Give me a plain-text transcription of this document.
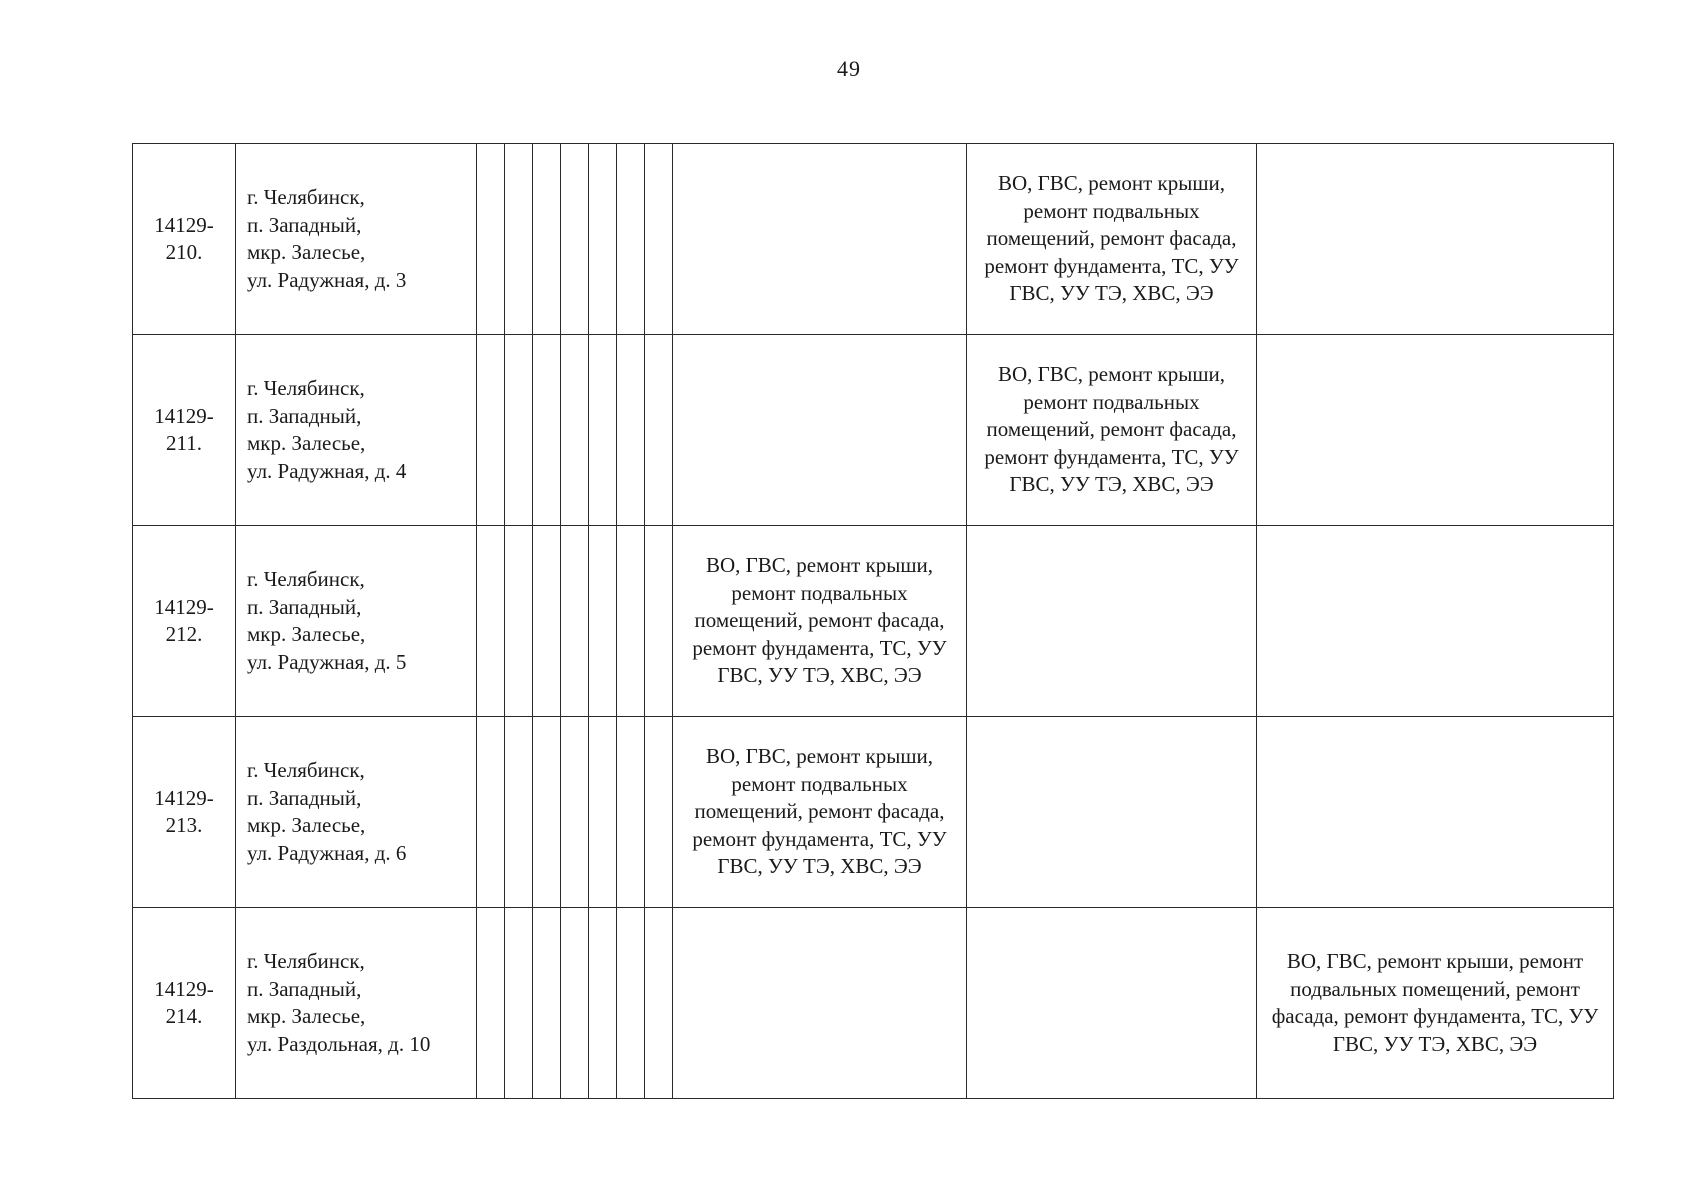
49
14129-
210.	г. Челябинск,
п. Западный,
мкр. Залесье,
ул. Радужная, д. 3									ВО, ГВС, ремонт крыши, ремонт подвальных помещений, ремонт фасада, ремонт фундамента, ТС, УУ ГВС, УУ ТЭ, ХВС, ЭЭ	

14129-
211.	г. Челябинск,
п. Западный,
мкр. Залесье,
ул. Радужная, д. 4									ВО, ГВС, ремонт крыши, ремонт подвальных помещений, ремонт фасада, ремонт фундамента, ТС, УУ ГВС, УУ ТЭ, ХВС, ЭЭ	

14129-
212.	г. Челябинск,
п. Западный,
мкр. Залесье,
ул. Радужная, д. 5								ВО, ГВС, ремонт крыши, ремонт подвальных помещений, ремонт фасада, ремонт фундамента, ТС, УУ ГВС, УУ ТЭ, ХВС, ЭЭ		

14129-
213.	г. Челябинск,
п. Западный,
мкр. Залесье,
ул. Радужная, д. 6								ВО, ГВС, ремонт крыши, ремонт подвальных помещений, ремонт фасада, ремонт фундамента, ТС, УУ ГВС, УУ ТЭ, ХВС, ЭЭ		

14129-
214.	г. Челябинск,
п. Западный,
мкр. Залесье,
ул. Раздольная, д. 10										ВО, ГВС, ремонт крыши, ремонт подвальных помещений, ремонт фасада, ремонт фундамента, ТС, УУ ГВС, УУ ТЭ, ХВС, ЭЭ
